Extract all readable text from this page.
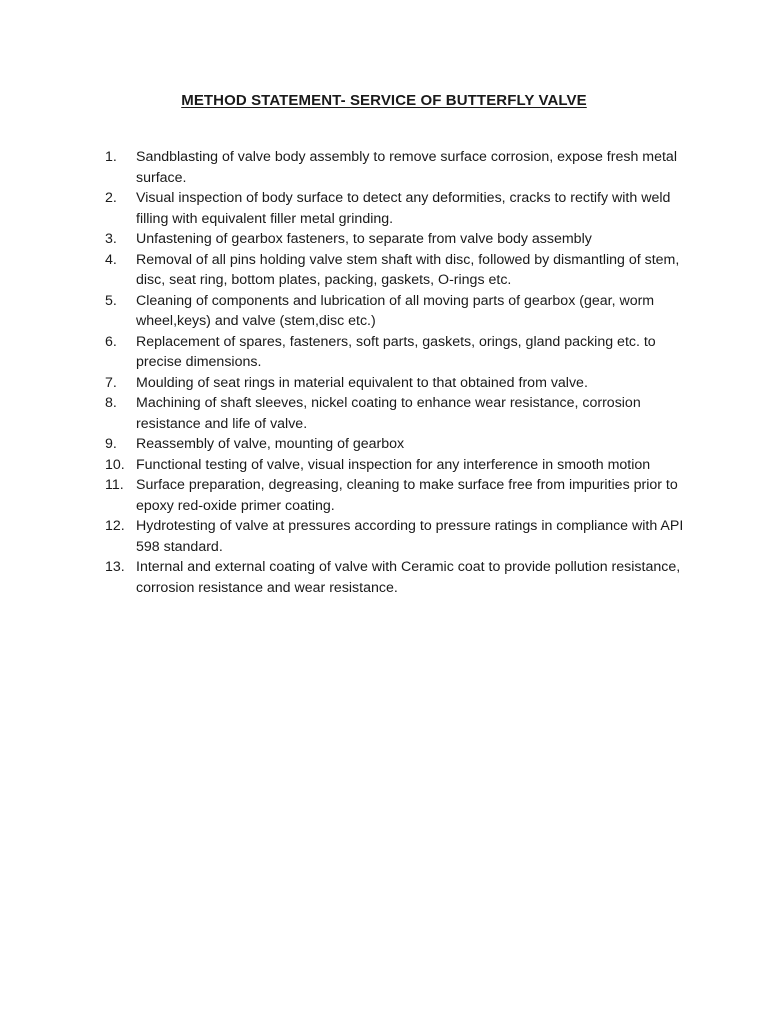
METHOD STATEMENT- SERVICE OF BUTTERFLY VALVE
1.	Sandblasting of valve body assembly to remove surface corrosion, expose fresh metal surface.
2.	Visual inspection of body surface to detect any deformities, cracks to rectify with weld filling with equivalent filler metal grinding.
3.	Unfastening of gearbox fasteners, to separate from valve body assembly
4.	Removal of all pins holding valve stem shaft with disc, followed by dismantling of stem, disc, seat ring, bottom plates, packing, gaskets, O-rings etc.
5.	Cleaning of components and lubrication of all moving parts of gearbox (gear, worm wheel,keys) and valve (stem,disc etc.)
6.	Replacement of spares, fasteners, soft parts, gaskets, orings, gland packing etc. to precise dimensions.
7.	Moulding of seat rings in material equivalent to that obtained from valve.
8.	Machining of shaft sleeves, nickel coating to enhance wear resistance, corrosion resistance and life of valve.
9.	Reassembly of valve, mounting of gearbox
10. Functional testing of valve, visual inspection for any interference in smooth motion
11. Surface preparation, degreasing, cleaning to make surface free from impurities prior to epoxy red-oxide primer coating.
12. Hydrotesting of valve at pressures according to pressure ratings in compliance with API 598 standard.
13. Internal and external coating of valve with Ceramic coat to provide pollution resistance, corrosion resistance and wear resistance.
